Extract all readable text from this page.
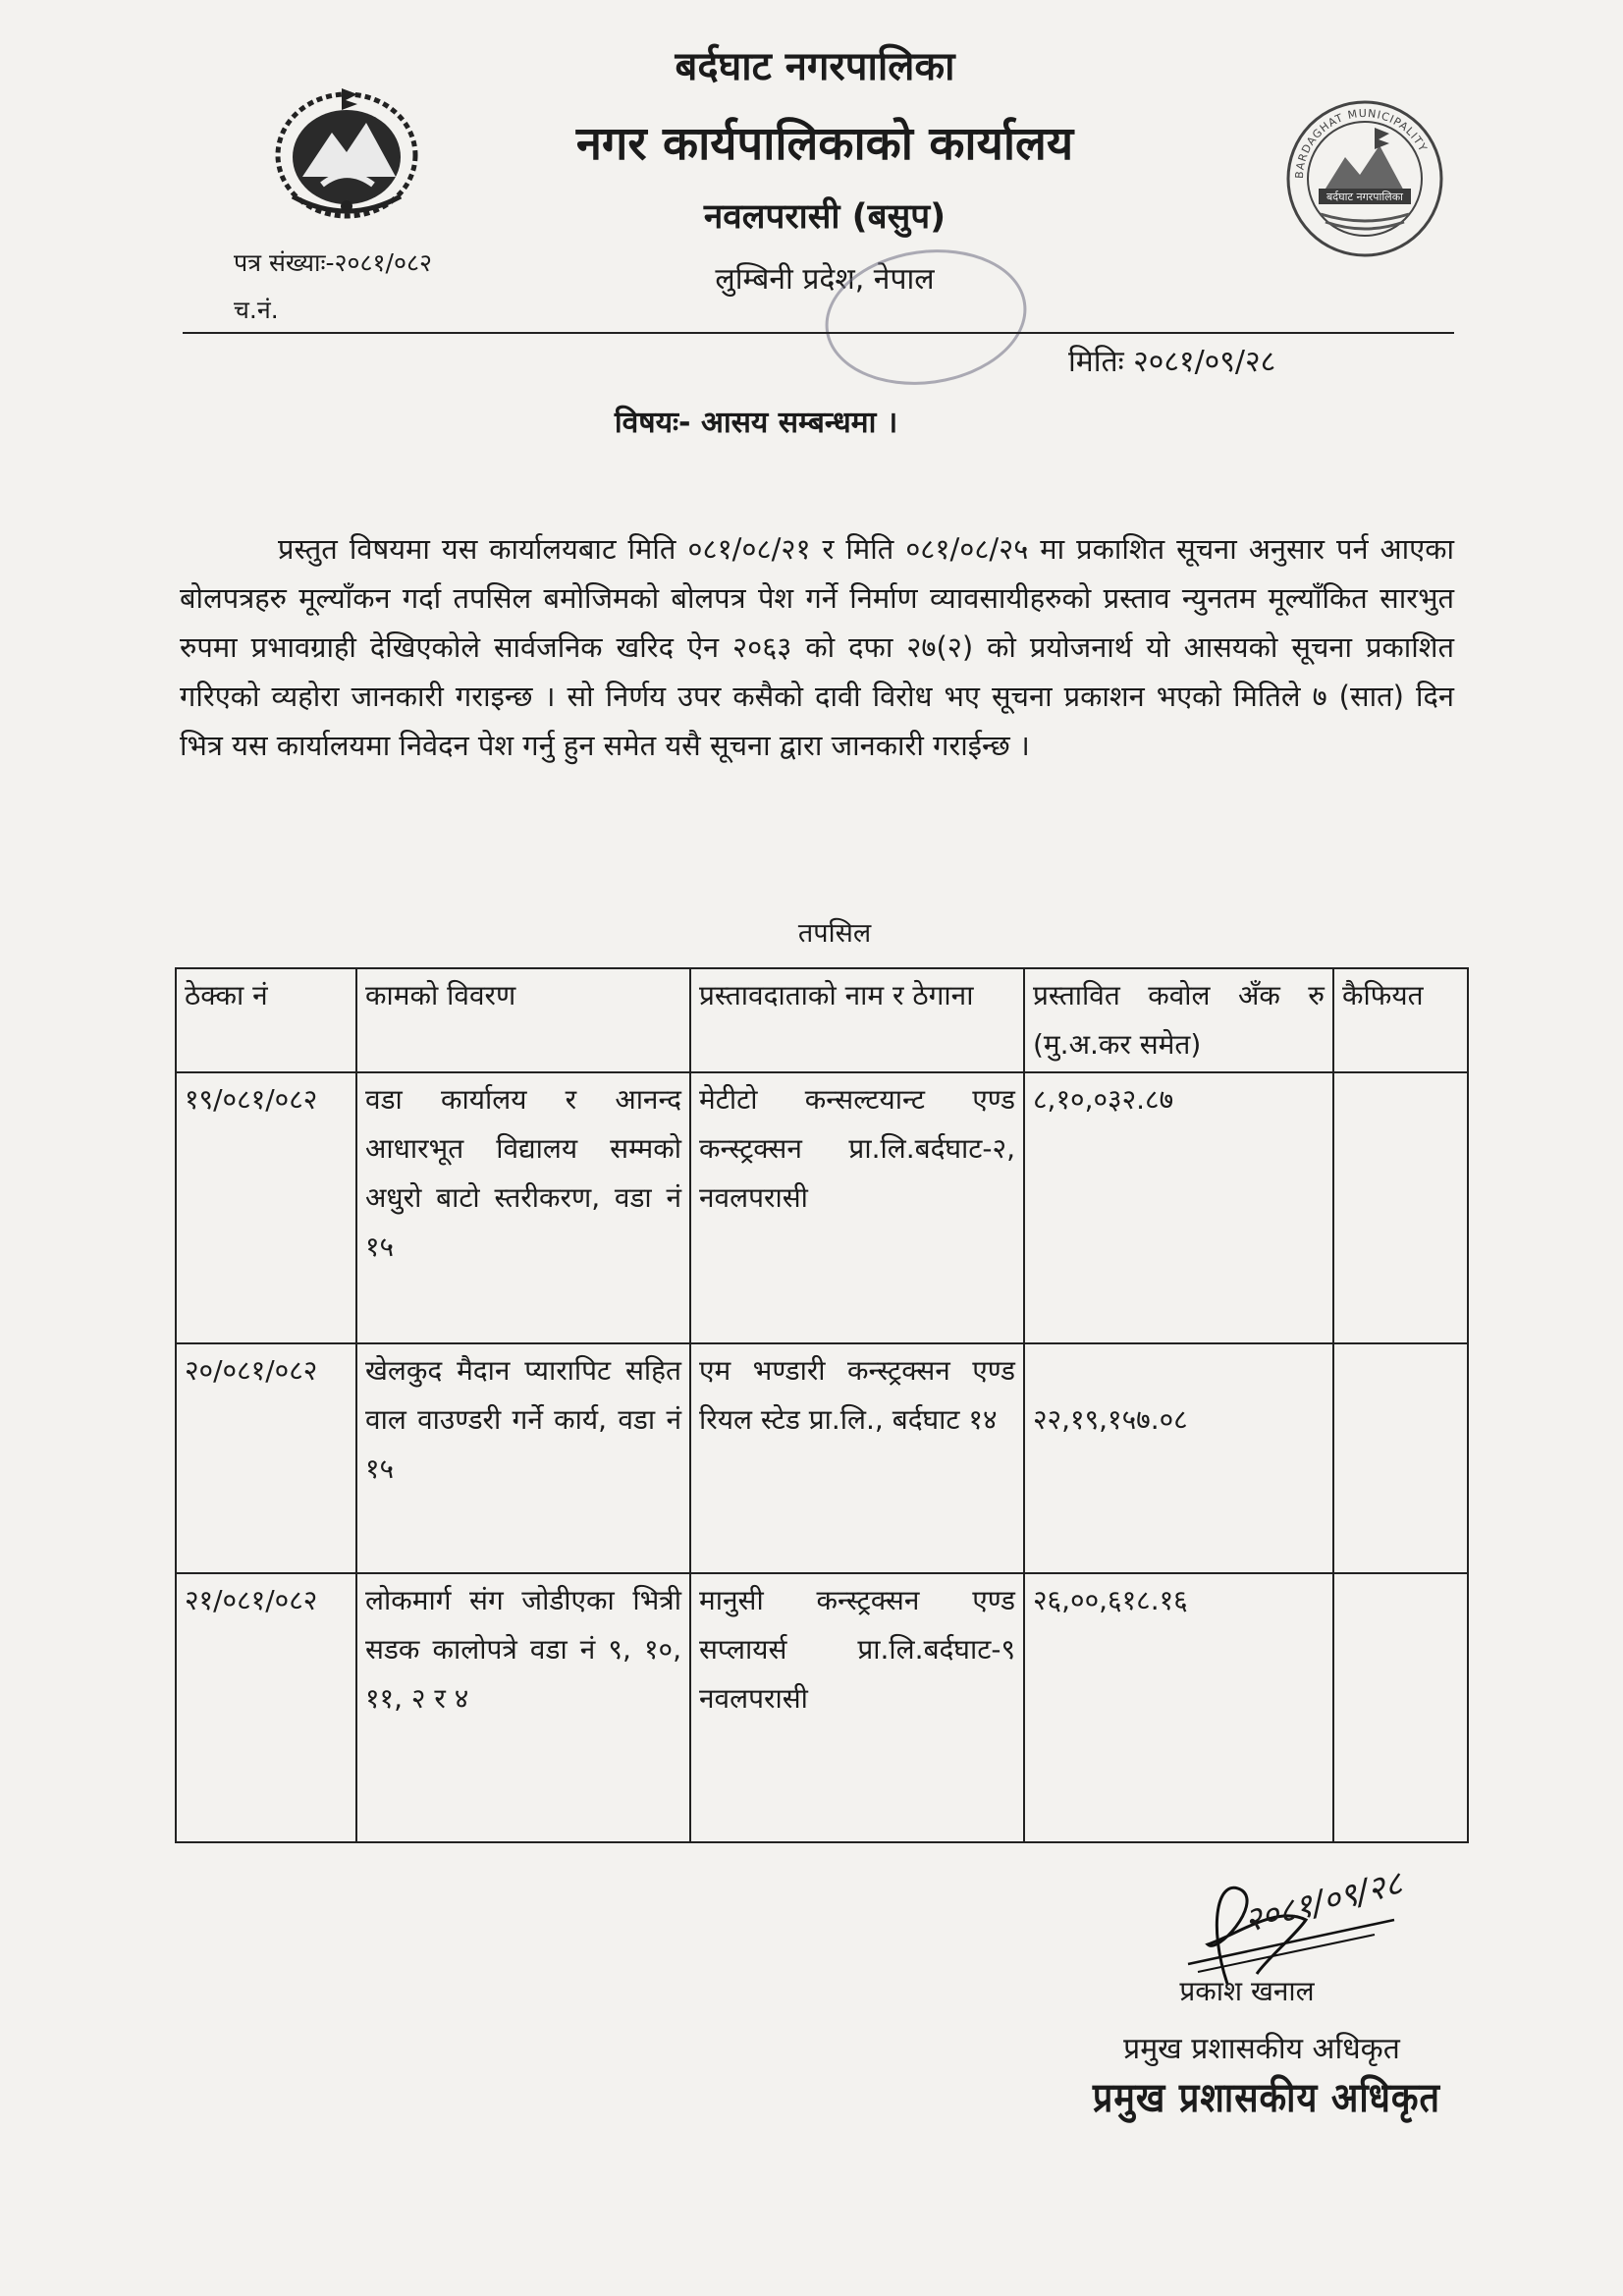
BARDAGHAT MUNICIPALITY
बर्दघाट नगरपालिका
बर्दघाट नगरपालिका
नगर कार्यपालिकाको कार्यालय
नवलपरासी (बसुप)
लुम्बिनी प्रदेश, नेपाल
पत्र संख्याः-२०८१/०८२
च.नं.
मितिः २०८१/०९/२८
विषयः- आसय सम्बन्धमा ।
प्रस्तुत विषयमा यस कार्यालयबाट मिति ०८१/०८/२१ र मिति ०८१/०८/२५ मा प्रकाशित सूचना अनुसार पर्न आएका बोलपत्रहरु मूल्याँकन गर्दा तपसिल बमोजिमको बोलपत्र पेश गर्ने निर्माण व्यावसायीहरुको प्रस्ताव न्युनतम मूल्याँकित सारभुत रुपमा प्रभावग्राही देखिएकोले सार्वजनिक खरिद ऐन २०६३ को दफा २७(२) को प्रयोजनार्थ यो आसयको सूचना प्रकाशित गरिएको व्यहोरा जानकारी गराइन्छ । सो निर्णय उपर कसैको दावी विरोध भए सूचना प्रकाशन भएको मितिले ७ (सात) दिन भित्र यस कार्यालयमा निवेदन पेश गर्नु हुन समेत यसै सूचना द्वारा जानकारी गराईन्छ ।
तपसिल
ठेक्का नं	कामको विवरण	प्रस्तावदाताको नाम र ठेगाना	प्रस्तावित कवोल अँक रु (मु.अ.कर समेत)	कैफियत
१९/०८१/०८२	वडा कार्यालय र आनन्द आधारभूत विद्यालय सम्मको अधुरो बाटो स्तरीकरण, वडा नं १५	मेटीटो कन्सल्टयान्ट एण्ड कन्स्ट्रक्सन प्रा.लि.बर्दघाट-२, नवलपरासी	८,१०,०३२.८७	
२०/०८१/०८२	खेलकुद मैदान प्यारापिट सहित वाल वाउण्डरी गर्ने कार्य, वडा नं १५	एम भण्डारी कन्स्ट्रक्सन एण्ड रियल स्टेड प्रा.लि., बर्दघाट १४	२२,१९,१५७.०८	
२१/०८१/०८२	लोकमार्ग संग जोडीएका भित्री सडक कालोपत्रे वडा नं ९, १०, ११, २ र ४	मानुसी कन्स्ट्रक्सन एण्ड सप्लायर्स प्रा.लि.बर्दघाट-९ नवलपरासी	२६,००,६१८.१६	
२०८१/०९/२८
प्रकाश खनाल
प्रमुख प्रशासकीय अधिकृत
प्रमुख प्रशासकीय अधिकृत
